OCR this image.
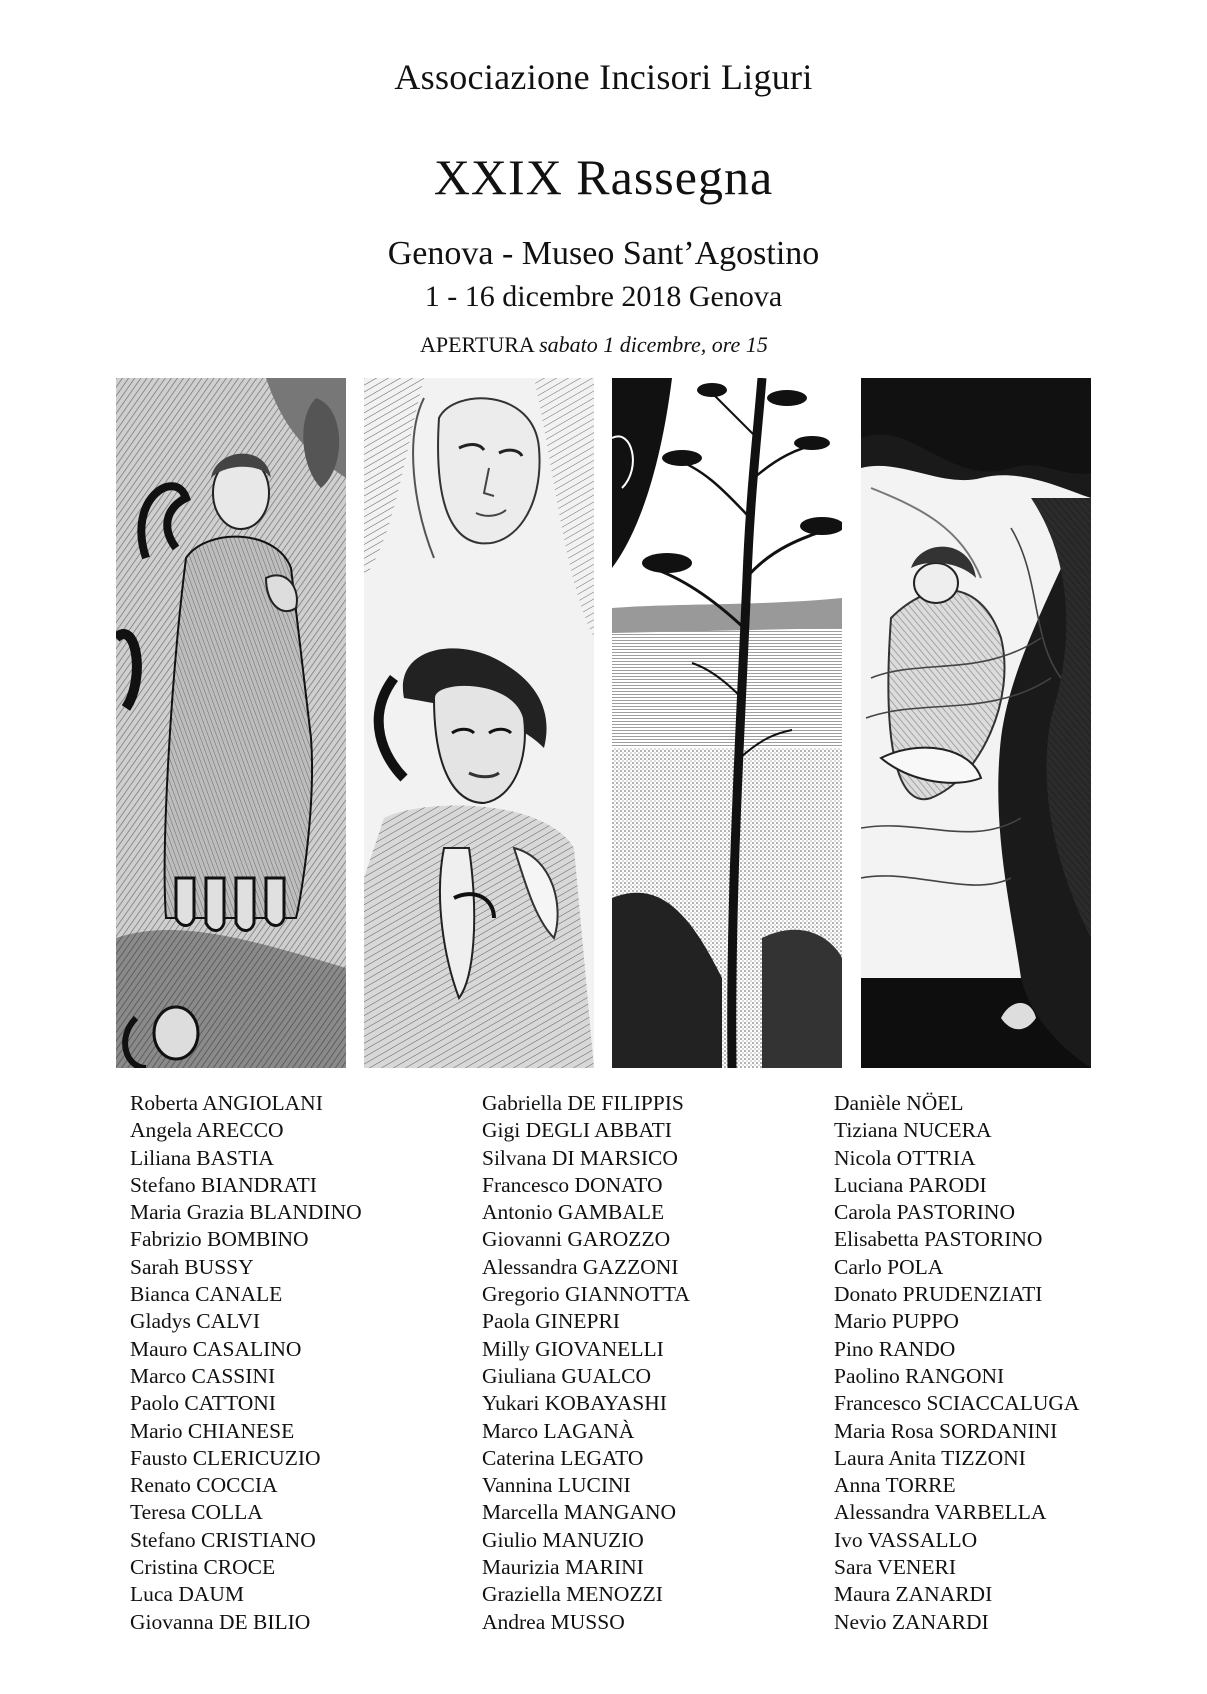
Associazione Incisori Liguri
XXIX Rassegna
Genova - Museo Sant’Agostino
1 - 16 dicembre 2018 Genova
APERTURA sabato 1 dicembre, ore 15
Roberta ANGIOLANI
Angela ARECCO
Liliana BASTIA
Stefano BIANDRATI
Maria Grazia BLANDINO
Fabrizio BOMBINO
Sarah BUSSY
Bianca CANALE
Gladys CALVI
Mauro CASALINO
Marco CASSINI
Paolo CATTONI
Mario CHIANESE
Fausto CLERICUZIO
Renato COCCIA
Teresa COLLA
Stefano CRISTIANO
Cristina CROCE
Luca DAUM
Giovanna DE BILIO
Gabriella DE FILIPPIS
Gigi DEGLI ABBATI
Silvana DI MARSICO
Francesco DONATO
Antonio GAMBALE
Giovanni GAROZZO
Alessandra GAZZONI
Gregorio GIANNOTTA
Paola GINEPRI
Milly GIOVANELLI
Giuliana GUALCO
Yukari KOBAYASHI
Marco LAGANÀ
Caterina LEGATO
Vannina LUCINI
Marcella MANGANO
Giulio MANUZIO
Maurizia MARINI
Graziella MENOZZI
Andrea MUSSO
Danièle NÖEL
Tiziana NUCERA
Nicola OTTRIA
Luciana PARODI
Carola PASTORINO
Elisabetta PASTORINO
Carlo POLA
Donato PRUDENZIATI
Mario PUPPO
Pino RANDO
Paolino RANGONI
Francesco SCIACCALUGA
Maria Rosa SORDANINI
Laura Anita TIZZONI
Anna TORRE
Alessandra VARBELLA
Ivo VASSALLO
Sara VENERI
Maura ZANARDI
Nevio ZANARDI
